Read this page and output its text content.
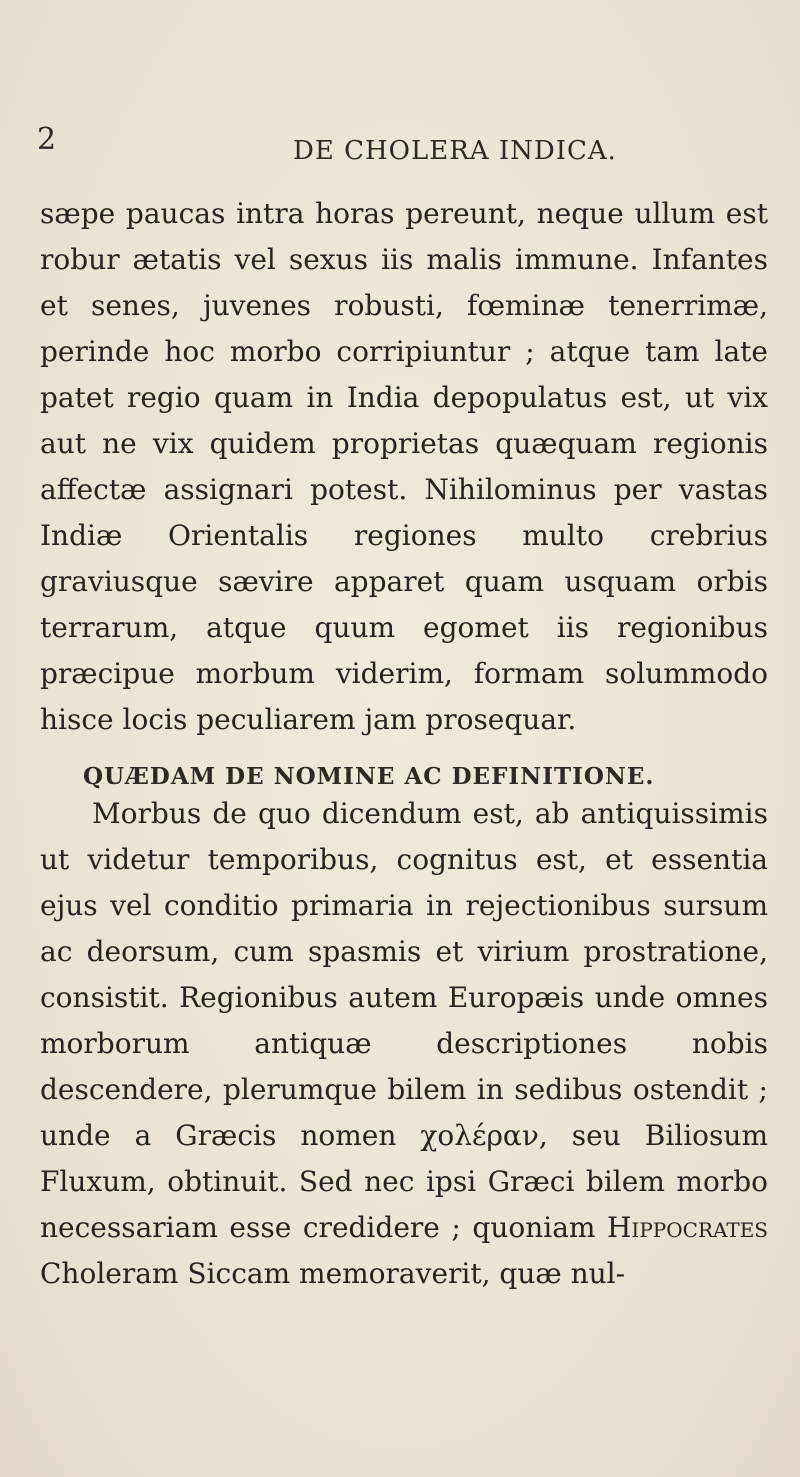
2	DE CHOLERA INDICA.

sæpe paucas intra horas pereunt, neque ullum est robur ætatis vel sexus iis malis immune. Infantes et senes, juvenes robusti, fœminæ tenerrimæ, perinde hoc morbo corripiuntur ; atque tam late patet regio quam in India depopulatus est, ut vix aut ne vix quidem proprietas quæquam regionis affectæ assignari potest. Nihilominus per vastas Indiæ Orientalis regiones multo crebrius graviusque sævire apparet quam usquam orbis terrarum, atque quum egomet iis regionibus præcipue morbum viderim, formam solummodo hisce locis peculiarem jam prosequar.

QUÆDAM DE NOMINE AC DEFINITIONE.

Morbus de quo dicendum est, ab antiquissimis ut videtur temporibus, cognitus est, et essentia ejus vel conditio primaria in rejectionibus sursum ac deorsum, cum spasmis et virium prostratione, consistit. Regionibus autem Europæis unde omnes morborum antiquæ descriptiones nobis descendere, plerumque bilem in sedibus ostendit ; unde a Græcis nomen χολέραν, seu Biliosum Fluxum, obtinuit. Sed nec ipsi Græci bilem morbo necessariam esse credidere ; quoniam Hippocrates Choleram Siccam memoraverit, quæ nul-
